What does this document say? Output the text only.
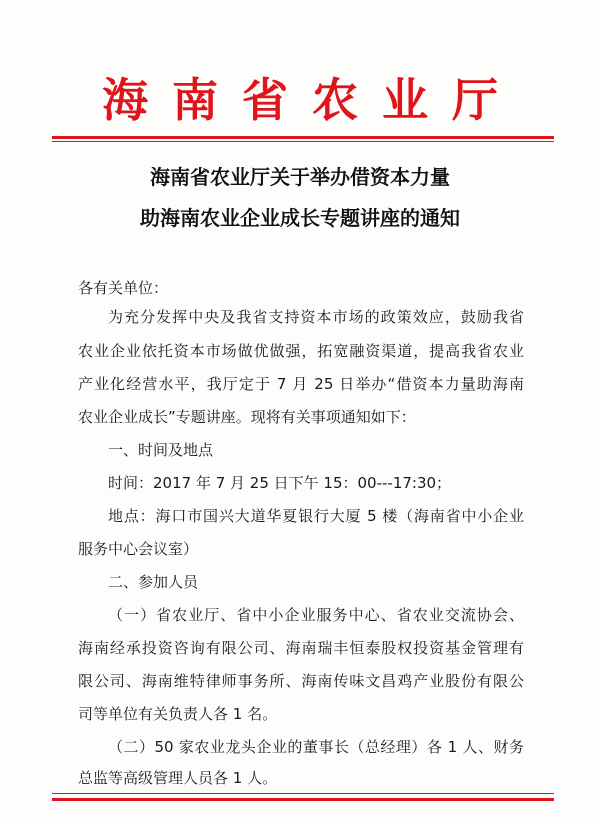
海南省农业厅
海南省农业厅关于举办借资本力量
助海南农业企业成长专题讲座的通知
各有关单位：
为充分发挥中央及我省支持资本市场的政策效应，鼓励我省
农业企业依托资本市场做优做强，拓宽融资渠道，提高我省农业
产业化经营水平，我厅定于 7 月 25 日举办“借资本力量助海南
农业企业成长”专题讲座。现将有关事项通知如下：
一、时间及地点
时间：2017 年 7 月 25 日下午 15：00---17:30；
地点：海口市国兴大道华夏银行大厦 5 楼（海南省中小企业
服务中心会议室）
二、参加人员
（一）省农业厅、省中小企业服务中心、省农业交流协会、
海南经承投资咨询有限公司、海南瑞丰恒泰股权投资基金管理有
限公司、海南维特律师事务所、海南传味文昌鸡产业股份有限公
司等单位有关负责人各 1 名。
（二）50 家农业龙头企业的董事长（总经理）各 1 人、财务
总监等高级管理人员各 1 人。
